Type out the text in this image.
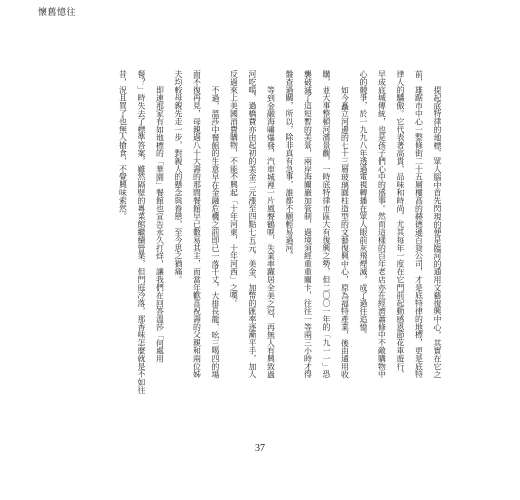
懷舊憶往
提起底特律的地標，眾人腦中首先閃現的便是臨河的通用文藝復興中心，其實在它之
前，雄踞市中心一整條街二十五層樓高的赫德遜百貨公司，才是底特律的地標，更是底特
律人的驕傲。它代表著高貴、品味和時尚，尤其每年一度在它門前起動感恩節花車遊行，
早成底城傳統，也是孩子們心中的盛事。然而這樣的百年老店亦在經濟蕭條中不敵購物中
心的競爭，於一九九八年透過電視轉播在眾人眼前灰飛煙滅，成了過往追憶。
如今矗立河邊的七十三層玻璃圓柱造型的文藝復興中心，原為福特產業，後由通用收
購，並大事整頓河濱景觀，一時底特律市區大有復興之勢，但二〇〇一年的「九一一」恐
襲破滅了這短暫的美景，兩岸海關嚴加管制，過境須經重重關卡，往往一等兩三小時才得
盤查過關，所以，除非真有急事，誰都不願輕易過河。
等到金融海嘯爆發，汽車城裡一片風聲鶴唳，失業率躍居全美之冠，再無人有興致過
河吃喝，過橋費亦由起初的美金二元漲至四點七五元，美金、加幣的匯率逐漸平手，加人
反過來上美國消費購物，不能不興起「十年河東，十年河西」之嘆。
不過，溫莎中餐館的生意早在金融危機之前即已一落千丈，大排長龍、吆三喝四的場
面不復再見，母親過八十大壽的那間餐館早已數易其主，而當年歡喜祝壽的父親和兩位姊
夫均較母親先走一步，對親人的懸念與眷戀，至今思之猶痛。
即連那家有如地標的「華園」餐館也宣告永久打烊，讓我們在回答溫莎「何處用
餐？」時失去了標準答案，雖然隔壁的粵菜館繼續營業，但門庭冷落，那香味怎麼就是不如往
昔，況且買了也無人搶食，不覺興味索然。
37
